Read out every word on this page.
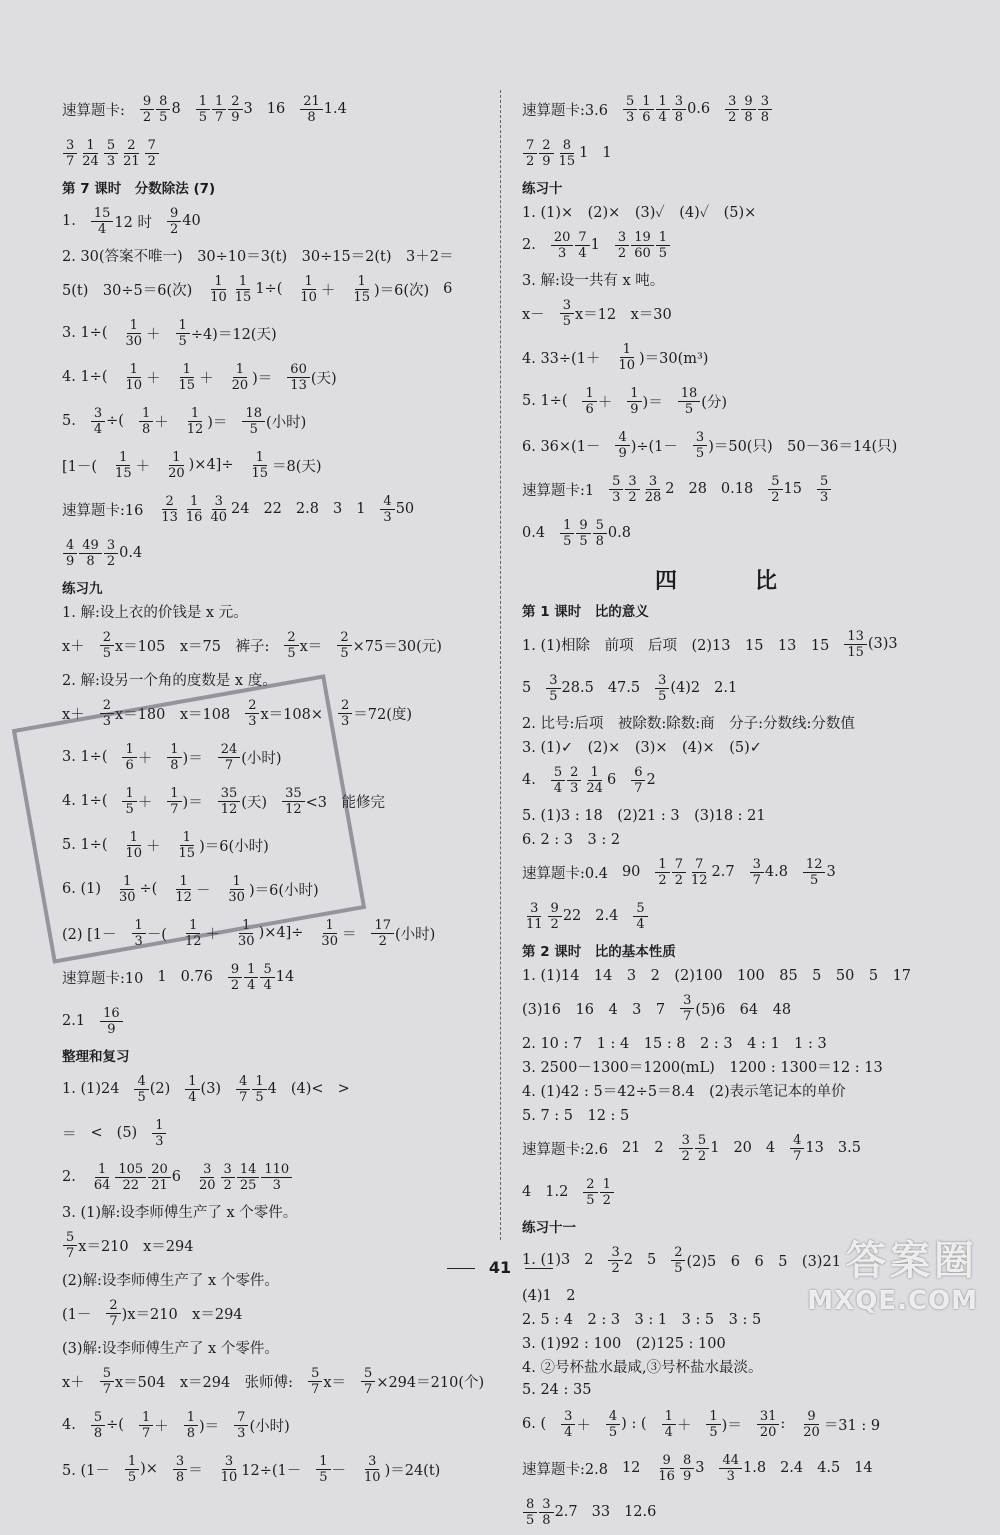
速算题卡: $\frac{9}{2} \frac{8}{5} 8 \frac{1}{5} \frac{1}{7} \frac{2}{9} 3$ $16 \frac{21}{8} 1.4$
$\frac{3}{7} \frac{1}{24} \frac{5}{3} \frac{2}{21} \frac{7}{2}$
第 7 课时　分数除法 (7)
1. $\frac{15}{4} 12$ 时 $\frac{9}{2} 40$
2. 30(答案不唯一)　30÷10＝3(t)　30÷15＝2(t)　3＋2＝
5(t)　30÷5＝6(次) $\frac{1}{10} \frac{1}{15} 1\div( \frac{1}{10} + \frac{1}{15} )=6$(次) 6
3. $1\div( \frac{1}{30} + \frac{1}{5} \div 4)=12$(天)
4. $1\div( \frac{1}{10} + \frac{1}{15} + \frac{1}{20}$ )＝ $\frac{60}{13}$ (天)
5. $\frac{3}{4}$ ÷( $\frac{1}{8} + \frac{1}{12}$ )＝ $\frac{18}{5}$ (小时)
$[1-( \frac{1}{15} + \frac{1}{20} )\times 4]\div \frac{1}{15} =8$(天)
速算题卡:16 $\frac{2}{13} \frac{1}{16} \frac{3}{40} 24$ 22 2.8 3 $1 \frac{4}{3} 50$
$\frac{4}{9} \frac{49}{8} \frac{3}{2} 0.4$
练习九
1. 解:设上衣的价钱是 x 元。
$x+ \frac{2}{5} x=105$　x＝75　裤子: $\frac{2}{5} x= \frac{2}{5} \times 75=30$(元)
2. 解:设另一个角的度数是 x 度。
$x+ \frac{2}{3} x=180$　$x=108 \frac{2}{3} x=108\times \frac{2}{3} =72$(度)
3. $1\div( \frac{1}{6} + \frac{1}{8}$ )＝ $\frac{24}{7}$ (小时)
4. $1\div( \frac{1}{5} + \frac{1}{7}$ )＝ $\frac{35}{12}$ (天) $\frac{35}{12} <3$　能修完
5. $1\div( \frac{1}{10} + \frac{1}{15} )=6$(小时)
6. $(1) \frac{1}{30}$ ÷( $\frac{1}{12} - \frac{1}{30} )=6$(小时)
(2) [$1- \frac{1}{3}$ －( $\frac{1}{12} + \frac{1}{30} )\times 4]\div \frac{1}{30} = \frac{17}{2}$ (小时)
速算题卡:10 1 $0.76 \frac{9}{2} \frac{1}{4} \frac{5}{4} 14$
$2.1 \frac{16}{9}$
整理和复习
1. $(1)24 \frac{4}{5} (2) \frac{1}{4} (3) \frac{4}{7} \frac{1}{5} 4$ (4)< >
＝ < $(5) \frac{1}{3}$
2. $\frac{1}{64} \frac{105}{22} \frac{20}{21} 6 \frac{3}{20} \frac{3}{2} \frac{14}{25} \frac{110}{3}$
3. (1)解:设李师傅生产了 x 个零件。
$\frac{5}{7} x=210$　x＝294
(2)解:设李师傅生产了 x 个零件。
$(1- \frac{2}{7} )x=210$　x＝294
(3)解:设李师傅生产了 x 个零件。
$x+ \frac{5}{7} x=504$　x＝294　张师傅: $\frac{5}{7} x= \frac{5}{7} \times 294=210$(个)
4. $\frac{5}{8}$ ÷( $\frac{1}{7} + \frac{1}{8}$ )＝ $\frac{7}{3}$ (小时)
5. ($1- \frac{1}{5}$ )× $\frac{3}{8} = \frac{3}{10} 12\div(1- \frac{1}{5} - \frac{3}{10} )=24(t)$
速算题卡:3.6 $\frac{5}{3} \frac{1}{6} \frac{1}{4} \frac{3}{8} 0.6 \frac{3}{2} \frac{9}{8} \frac{3}{8}$
$\frac{7}{2} \frac{2}{9} \frac{8}{15} 1$ 1
练习十
1. (1)×　(2)×　(3)✓　(4)✓　(5)×
2. $\frac{20}{3} \frac{7}{4} 1 \frac{3}{2} \frac{19}{60} \frac{1}{5}$
3. 解:设一共有 x 吨。
$x- \frac{3}{5} x=12$　x＝30
4. $33\div(1+ \frac{1}{10} )=30(m^3)$
5. $1\div( \frac{1}{6} + \frac{1}{9}$ )＝ $\frac{18}{5}$ (分)
6. $36\times(1- \frac{4}{9} )\div(1- \frac{3}{5} )=50$(只)　50－36＝14(只)
速算题卡:1 $\frac{5}{3} \frac{3}{2} \frac{3}{28} 2$ 28 $0.18 \frac{5}{2} 15 \frac{5}{3}$
$0.4 \frac{1}{5} \frac{9}{5} \frac{5}{8} 0.8$
四　比
第 1 课时　比的意义
1. (1)相除　前项　后项　(2)13　15　13　$15 \frac{13}{15} (3)3$
$5 \frac{3}{5} 28.5$ $47.5 \frac{3}{5} (4)2$ 2.1
2. 比号:后项　被除数:除数:商　分子:分数线:分数值
3. (1)✓　(2)×　(3)×　(4)×　(5)✓
4. $\frac{5}{4} \frac{2}{3} \frac{1}{24} 6 \frac{6}{7} 2$
5. (1)3 : 18　(2)21 : 3　(3)18 : 21
6. 2 : 3　3 : 2
速算题卡:0.4 $90 \frac{1}{2} \frac{7}{2} \frac{7}{12} 2.7 \frac{3}{7} 4.8 \frac{12}{5} 3$
$\frac{3}{11} \frac{9}{2} 22$ $2.4 \frac{5}{4}$
第 2 课时　比的基本性质
1. (1)14　14　3　2　(2)100　100　85　5　50　5　17
(3)16　16　4　3　$7 \frac{3}{7} (5)6$　64　48
2. 10 : 7　1 : 4　15 : 8　2 : 3　4 : 1　1 : 3
3. 2500－1300＝1200(mL)　1200 : 1300＝12 : 13
4. (1)42 : 5＝42÷5＝8.4　(2)表示笔记本的单价
5. 7 : 5　12 : 5
速算题卡:2.6 21 $2 \frac{3}{2} \frac{5}{2} 1$ 20 $4 \frac{4}{7} 13$ 3.5
4 $1.2 \frac{2}{5} \frac{1}{2}$
练习十一
1. (1)3 $2 \frac{3}{2} 2$ $5 \frac{2}{5} (2)5$　6　6　5　(3)21
(4)1　2
2. 5 : 4　2 : 3　3 : 1　3 : 5　3 : 5
3. (1)92 : 100　(2)125 : 100
4. ②号杯盐水最咸,③号杯盐水最淡。
5. 24 : 35
6. ( $\frac{3}{4} + \frac{4}{5}$ ) : ( $\frac{1}{4} + \frac{1}{5}$ )＝ $\frac{31}{20}$ : $\frac{9}{20} =31$ : 9
速算题卡:2.8 $12 \frac{9}{16} \frac{8}{9} 3 \frac{44}{3} 1.8$ 2.4 4.5 14
$\frac{8}{5} \frac{3}{8} 2.7$ 33 12.6
41	答案圈
MXQE.COM
